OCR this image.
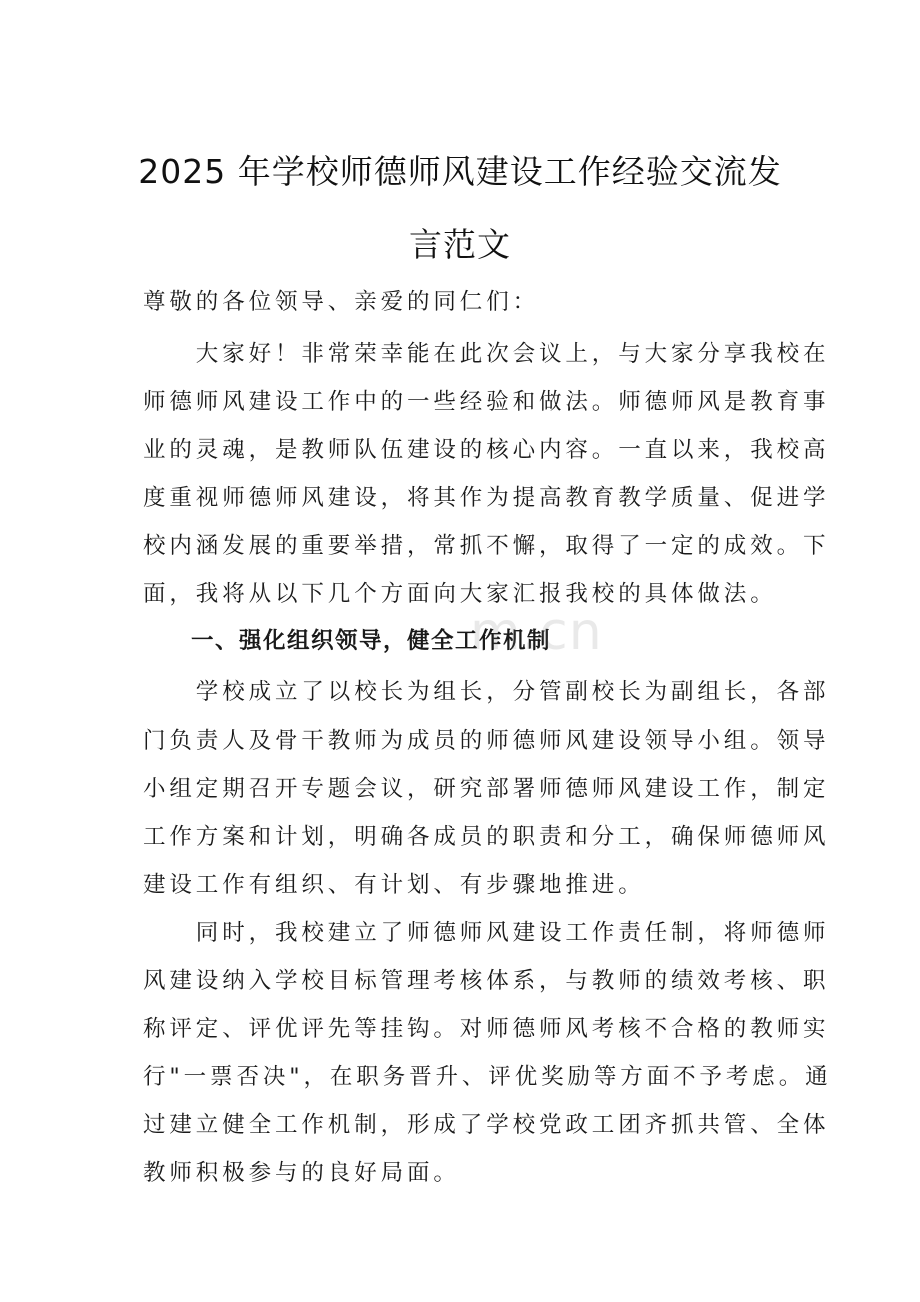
2025 年学校师德师风建设工作经验交流发
言范文
尊敬的各位领导、亲爱的同仁们：
　　大家好！非常荣幸能在此次会议上，与大家分享我校在
师德师风建设工作中的一些经验和做法。师德师风是教育事
业的灵魂，是教师队伍建设的核心内容。一直以来，我校高
度重视师德师风建设，将其作为提高教育教学质量、促进学
校内涵发展的重要举措，常抓不懈，取得了一定的成效。下
面，我将从以下几个方面向大家汇报我校的具体做法。
　　一、强化组织领导，健全工作机制
　　学校成立了以校长为组长，分管副校长为副组长，各部
门负责人及骨干教师为成员的师德师风建设领导小组。领导
小组定期召开专题会议，研究部署师德师风建设工作，制定
工作方案和计划，明确各成员的职责和分工，确保师德师风
建设工作有组织、有计划、有步骤地推进。
　　同时，我校建立了师德师风建设工作责任制，将师德师
风建设纳入学校目标管理考核体系，与教师的绩效考核、职
称评定、评优评先等挂钩。对师德师风考核不合格的教师实
行"一票否决"，在职务晋升、评优奖励等方面不予考虑。通
过建立健全工作机制，形成了学校党政工团齐抓共管、全体
教师积极参与的良好局面。
m.cn
